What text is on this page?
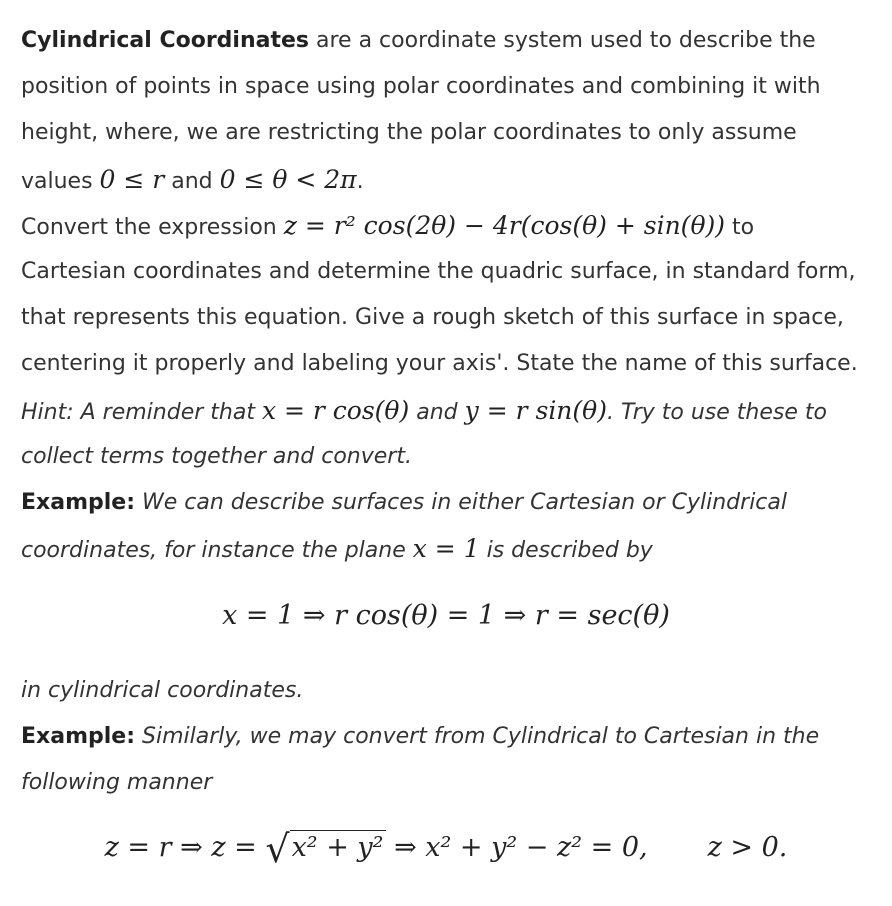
Cylindrical Coordinates are a coordinate system used to describe the
position of points in space using polar coordinates and combining it with
height, where, we are restricting the polar coordinates to only assume
values 0 ≤ r and 0 ≤ θ < 2π.
Convert the expression z = r² cos(2θ) − 4r(cos(θ) + sin(θ)) to
Cartesian coordinates and determine the quadric surface, in standard form,
that represents this equation. Give a rough sketch of this surface in space,
centering it properly and labeling your axis'. State the name of this surface.
Hint: A reminder that x = r cos(θ) and y = r sin(θ). Try to use these to
collect terms together and convert.
Example: We can describe surfaces in either Cartesian or Cylindrical
coordinates, for instance the plane x = 1 is described by
x = 1 ⇒ r cos(θ) = 1 ⇒ r = sec(θ)
in cylindrical coordinates.
Example: Similarly, we may convert from Cylindrical to Cartesian in the
following manner
z = r ⇒ z = √x² + y² ⇒ x² + y² − z² = 0, z > 0.
